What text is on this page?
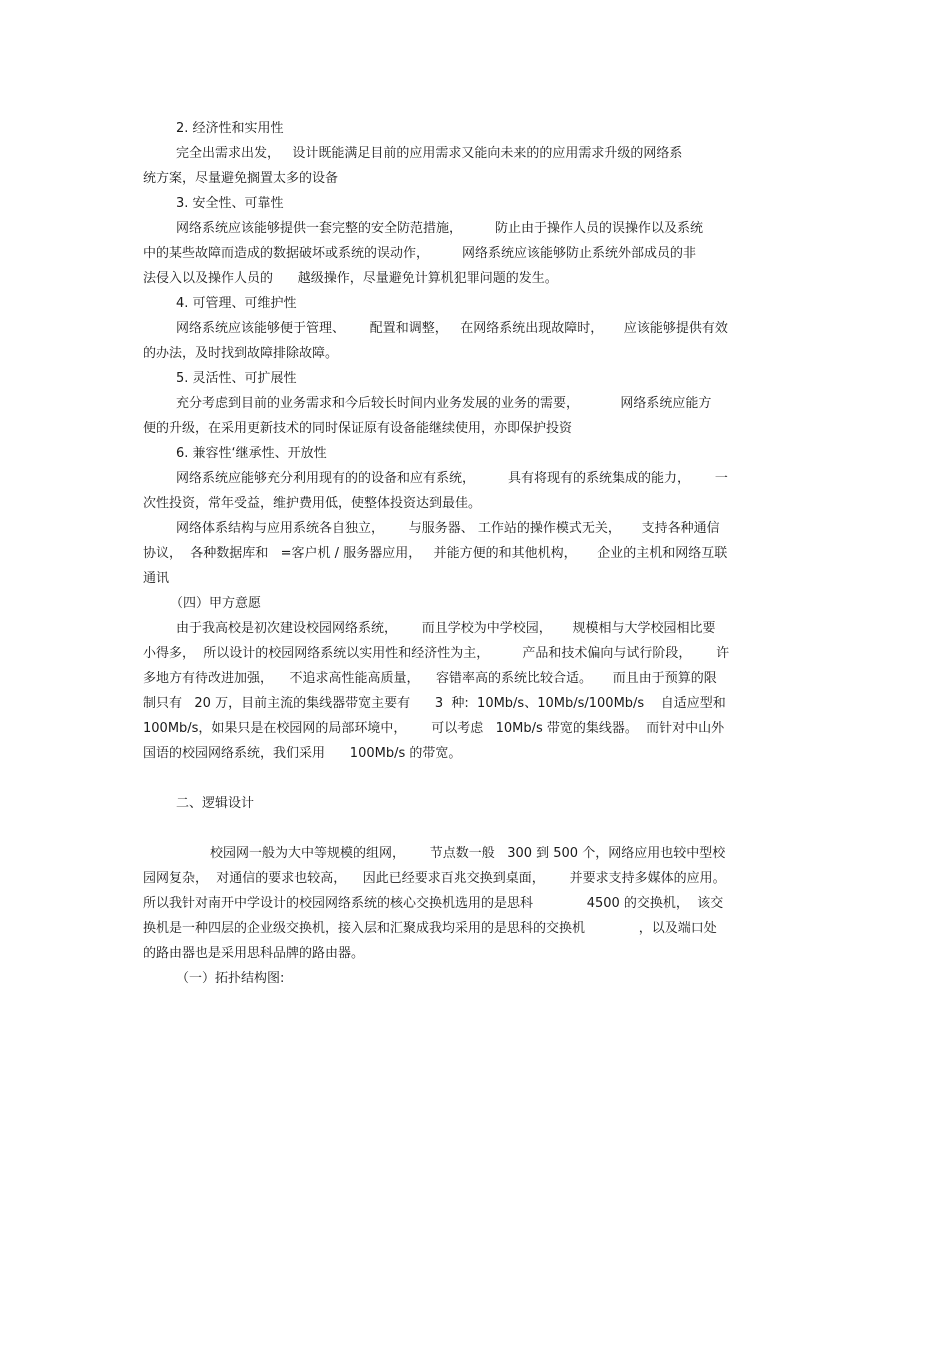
2. 经济性和实用性

完全出需求出发，   设计既能满足目前的应用需求又能向未来的的应用需求升级的网络系

统方案，尽量避免搁置太多的设备

3. 安全性、可靠性

网络系统应该能够提供一套完整的安全防范措施，        防止由于操作人员的误操作以及系统

中的某些故障而造成的数据破坏或系统的误动作，        网络系统应该能够防止系统外部成员的非

法侵入以及操作人员的      越级操作，尽量避免计算机犯罪问题的发生。

4. 可管理、可维护性

网络系统应该能够便于管理、      配置和调整，   在网络系统出现故障时，     应该能够提供有效

的办法，及时找到故障排除故障。

5. 灵活性、可扩展性

充分考虑到目前的业务需求和今后较长时间内业务发展的业务的需要，          网络系统应能方

便的升级，在采用更新技术的同时保证原有设备能继续使用，亦即保护投资

6. 兼容性‘继承性、开放性

网络系统应能够充分利用现有的的设备和应有系统，        具有将现有的系统集成的能力，      一

次性投资，常年受益，维护费用低，使整体投资达到最佳。

网络体系结构与应用系统各自独立，      与服务器、 工作站的操作模式无关，     支持各种通信

协议，  各种数据库和   =客户机 / 服务器应用，   并能方便的和其他机构，     企业的主机和网络互联

通讯

（四）甲方意愿

由于我高校是初次建设校园网络系统，      而且学校为中学校园，     规模相与大学校园相比要

小得多，  所以设计的校园网络系统以实用性和经济性为主，        产品和技术偏向与试行阶段，      许

多地方有待改进加强，    不追求高性能高质量，    容错率高的系统比较合适。     而且由于预算的限

制只有   20 万，目前主流的集线器带宽主要有      3  种:  10Mb/s、10Mb/s/100Mb/s    自适应型和

100Mb/s，如果只是在校园网的局部环境中，      可以考虑   10Mb/s 带宽的集线器。  而针对中山外

国语的校园网络系统，我们采用      100Mb/s 的带宽。

二、逻辑设计

校园网一般为大中等规模的组网，      节点数一般   300 到 500 个，网络应用也较中型校

园网复杂，  对通信的要求也较高，    因此已经要求百兆交换到桌面，      并要求支持多媒体的应用。

所以我针对南开中学设计的校园网络系统的核心交换机选用的是思科             4500 的交换机，  该交

换机是一种四层的企业级交换机，接入层和汇聚成我均采用的是思科的交换机             ，以及端口处

的路由器也是采用思科品牌的路由器。

（一）拓扑结构图:
